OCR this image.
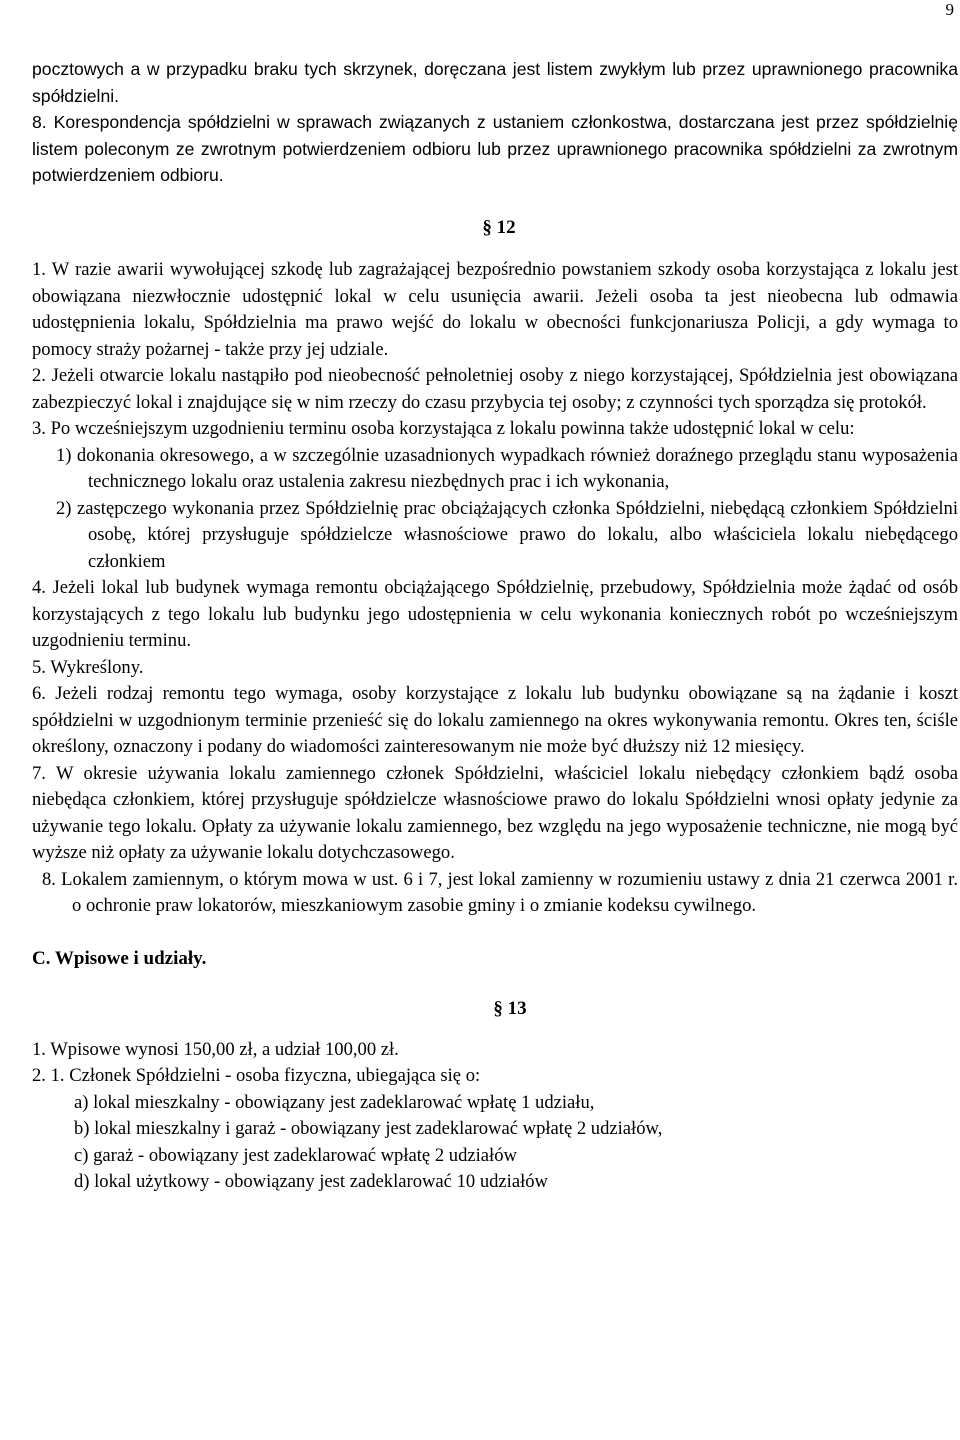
9

pocztowych a w przypadku braku tych skrzynek, doręczana jest listem zwykłym lub przez uprawnionego pracownika spółdzielni.

8. Korespondencja spółdzielni w sprawach związanych z ustaniem członkostwa, dostarczana jest przez spółdzielnię listem poleconym ze zwrotnym potwierdzeniem odbioru lub przez uprawnionego pracownika spółdzielni za zwrotnym potwierdzeniem odbioru.

§ 12

1. W razie awarii wywołującej szkodę lub zagrażającej bezpośrednio powstaniem szkody osoba korzystająca z lokalu jest obowiązana niezwłocznie udostępnić lokal w celu usunięcia awarii. Jeżeli osoba ta jest nieobecna lub odmawia udostępnienia lokalu, Spółdzielnia ma prawo wejść do lokalu w obecności funkcjonariusza Policji, a gdy wymaga to pomocy straży pożarnej - także przy jej udziale.

2. Jeżeli otwarcie lokalu nastąpiło pod nieobecność pełnoletniej osoby z niego korzystającej, Spółdzielnia jest obowiązana zabezpieczyć lokal i znajdujące się w nim rzeczy do czasu przybycia tej osoby; z czynności tych sporządza się protokół.

3. Po wcześniejszym uzgodnieniu terminu osoba korzystająca z lokalu powinna także udostępnić lokal w celu:

1) dokonania okresowego, a w szczególnie uzasadnionych wypadkach również doraźnego przeglądu stanu wyposażenia technicznego lokalu oraz ustalenia zakresu niezbędnych prac i ich wykonania,

2) zastępczego wykonania przez Spółdzielnię prac obciążających członka Spółdzielni, niebędącą członkiem Spółdzielni osobę, której przysługuje spółdzielcze własnościowe prawo do lokalu, albo właściciela lokalu niebędącego członkiem

4. Jeżeli lokal lub budynek wymaga remontu obciążającego Spółdzielnię, przebudowy, Spółdzielnia może żądać od osób korzystających z tego lokalu lub budynku jego udostępnienia w celu wykonania koniecznych robót po wcześniejszym uzgodnieniu terminu.

5. Wykreślony.

6. Jeżeli rodzaj remontu tego wymaga, osoby korzystające z lokalu lub budynku obowiązane są na żądanie i koszt spółdzielni w uzgodnionym terminie przenieść się do lokalu zamiennego na okres wykonywania remontu. Okres ten, ściśle określony, oznaczony i podany do wiadomości zainteresowanym nie może być dłuższy niż 12 miesięcy.

7. W okresie używania lokalu zamiennego członek Spółdzielni, właściciel lokalu niebędący członkiem bądź osoba niebędąca członkiem, której przysługuje spółdzielcze własnościowe prawo do lokalu Spółdzielni wnosi opłaty jedynie za używanie tego lokalu. Opłaty za używanie lokalu zamiennego, bez względu na jego wyposażenie techniczne, nie mogą być wyższe niż opłaty za używanie lokalu dotychczasowego.

8. Lokalem zamiennym, o którym mowa w ust. 6 i 7, jest lokal zamienny w rozumieniu ustawy z dnia 21 czerwca 2001 r. o ochronie praw lokatorów, mieszkaniowym zasobie gminy i o zmianie kodeksu cywilnego.

C. Wpisowe i udziały.
§ 13

1. Wpisowe wynosi 150,00 zł, a udział 100,00 zł.

2. 1. Członek Spółdzielni - osoba fizyczna, ubiegająca się o:

a) lokal mieszkalny - obowiązany jest zadeklarować wpłatę 1 udziału,

b) lokal mieszkalny i garaż - obowiązany jest zadeklarować wpłatę 2 udziałów,

c) garaż - obowiązany jest zadeklarować wpłatę 2 udziałów

d) lokal użytkowy - obowiązany jest zadeklarować 10 udziałów
